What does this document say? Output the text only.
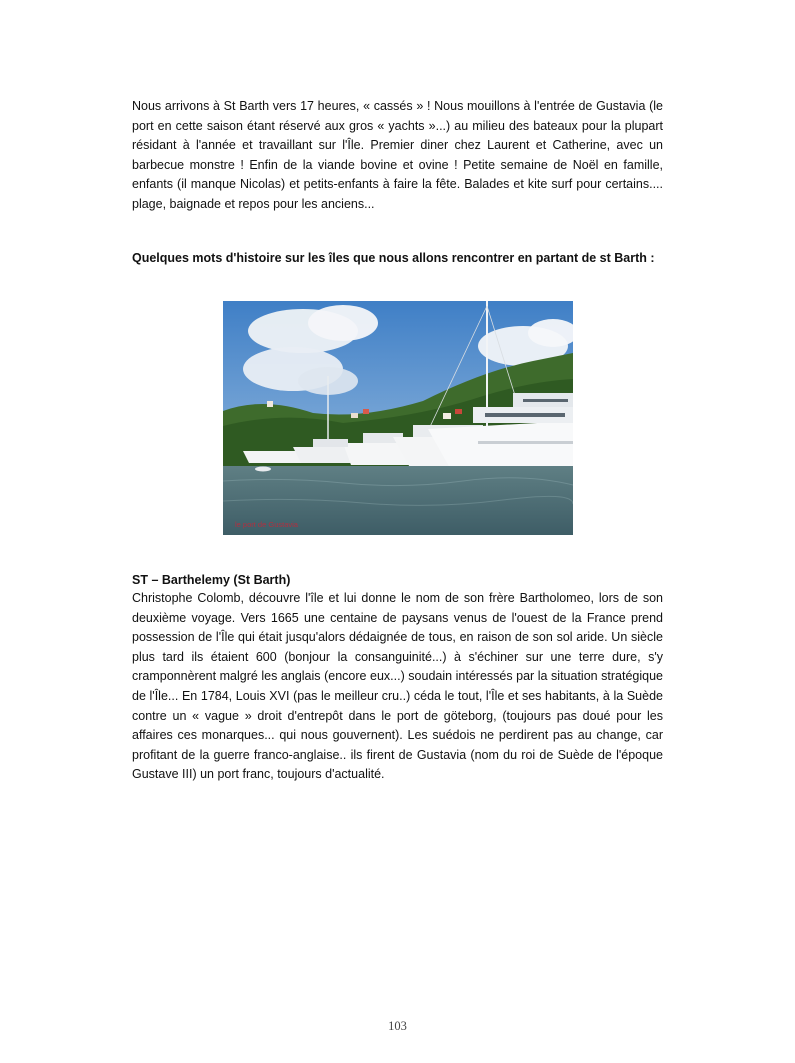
Nous arrivons à St Barth vers 17 heures, « cassés » ! Nous mouillons à l'entrée de Gustavia (le port en cette saison étant réservé aux gros « yachts »...) au milieu des bateaux pour la plupart résidant à l'année et travaillant sur l'Île. Premier diner chez Laurent et Catherine, avec un barbecue monstre ! Enfin de la viande bovine et ovine ! Petite semaine de Noël en famille, enfants (il manque Nicolas) et petits-enfants à faire la fête. Balades et kite surf pour certains.... plage, baignade et repos pour les anciens...

Quelques mots d'histoire sur les îles que nous allons rencontrer en partant de st Barth :

le port de Gustavia

ST – Barthelemy (St Barth)

Christophe Colomb, découvre l'île et lui donne le nom de son frère Bartholomeo, lors de son deuxième voyage. Vers 1665 une centaine de paysans venus de l'ouest de la France prend possession de l'Île qui était jusqu'alors dédaignée de tous, en raison de son sol aride. Un siècle plus tard ils étaient 600 (bonjour la consanguinité...) à s'échiner sur une terre dure, s'y cramponnèrent malgré les anglais (encore eux...) soudain intéressés par la situation stratégique de l'Île... En 1784, Louis XVI (pas le meilleur cru..) céda le tout, l'Île et ses habitants, à la Suède contre un « vague » droit d'entrepôt dans le port de göteborg, (toujours pas doué pour les affaires ces monarques... qui nous gouvernent). Les suédois ne perdirent pas au change, car profitant de la guerre franco-anglaise.. ils firent de Gustavia (nom du roi de Suède de l'époque Gustave III) un port franc, toujours d'actualité.

103
